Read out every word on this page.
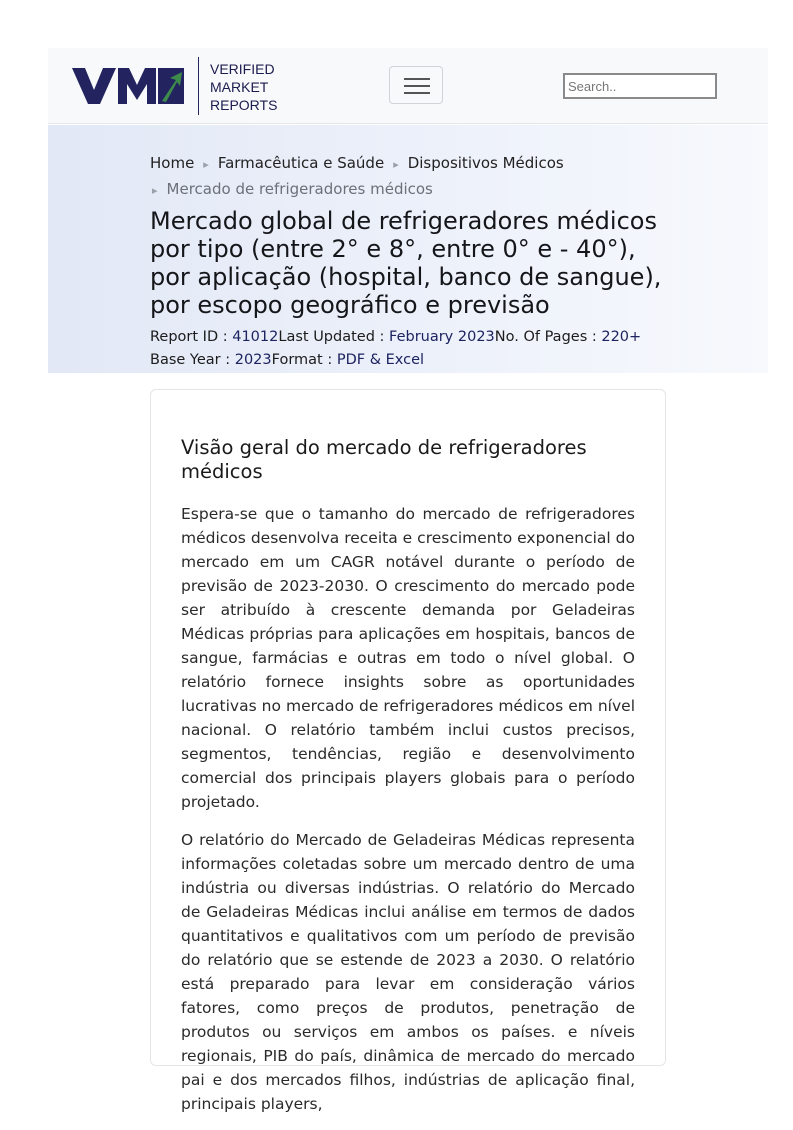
VERIFIED
MARKET
REPORTS
Search..
Home ▸ Farmacêutica e Saúde ▸ Dispositivos Médicos
▸ Mercado de refrigeradores médicos
Mercado global de refrigeradores médicos por tipo (entre 2° e 8°, entre 0° e - 40°), por aplicação (hospital, banco de sangue), por escopo geográfico e previsão
Report ID : 41012Last Updated : February 2023No. Of Pages : 220+
Base Year : 2023Format : PDF & Excel
Visão geral do mercado de refrigeradores médicos

Espera-se que o tamanho do mercado de refrigeradores médicos desenvolva receita e crescimento exponencial do mercado em um CAGR notável durante o período de previsão de 2023-2030. O crescimento do mercado pode ser atribuído à crescente demanda por Geladeiras Médicas próprias para aplicações em hospitais, bancos de sangue, farmácias e outras em todo o nível global. O relatório fornece insights sobre as oportunidades lucrativas no mercado de refrigeradores médicos em nível nacional. O relatório também inclui custos precisos, segmentos, tendências, região e desenvolvimento comercial dos principais players globais para o período projetado.

O relatório do Mercado de Geladeiras Médicas representa informações coletadas sobre um mercado dentro de uma indústria ou diversas indústrias. O relatório do Mercado de Geladeiras Médicas inclui análise em termos de dados quantitativos e qualitativos com um período de previsão do relatório que se estende de 2023 a 2030. O relatório está preparado para levar em consideração vários fatores, como preços de produtos, penetração de produtos ou serviços em ambos os países. e níveis regionais, PIB do país, dinâmica de mercado do mercado pai e dos mercados filhos, indústrias de aplicação final, principais players,
